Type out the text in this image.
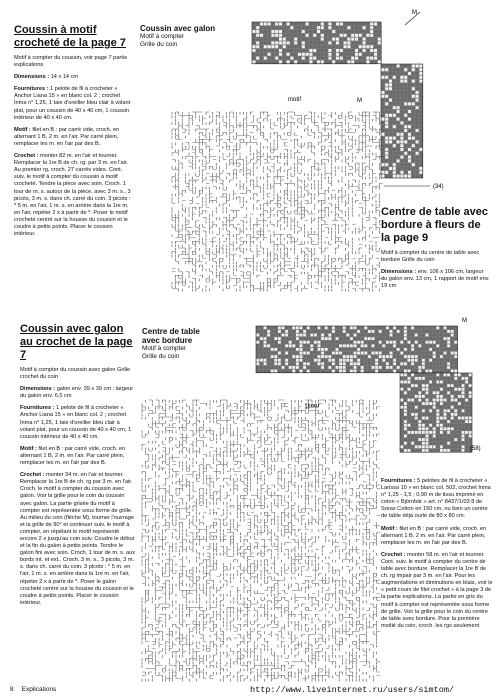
Coussin à motif crocheté de la page 7
Motif à compter du coussin, voir page 7 partie explications
Dimensions : 14 x 14 cm
Fournitures : 1 pelote de fil à crocheter « Anchor Liana 15 » en blanc col. 2 ; crochet Inma n° 1,25, 1 taie d'oreiller bleu clair à volant plat, pour un coussin de 40 x 40 cm, 1 coussin intérieur de 40 x 40 cm.
Motif : filet en B : par carré vide, croch. en alternant 1 B, 2 m. en l'air. Par carré plein, remplacer les m. en l'air par des B.
Crochet : monter 82 m. en l'air et tourner. Remplacer la 1re B de ch. rg. par 3 m. en l'air. Au premier rg, croch. 27 carrés vides. Cont. suiv. le motif à compter du coussin à motif crocheté. Tendre la pièce avec soin. Croch. 1 tour de m. s. autour de la pièce, avec 3 m. s., 3 picots, 3 m. s. dans ch. carré du coin. 3 picots : * 5 m. en l'air, 1 m. s. en arrière dans la 1re m. en l'air, répéter 2 x à partir de *. Poser le motif crocheté centré sur la housse du coussin et le coudre à petits points. Placer le coussin intérieur.
Coussin avec galon au crochet de la page 7
Motif à compter du coussin avec galon Grille crochet du coin
Dimensions : galon env. 39 x 39 cm ; largeur du galon env. 6,5 cm
Fournitures : 1 pelote de fil à crocheter « Anchor Liana 15 » en blanc col. 2 ; crochet Inma n° 1,25, 1 taie d'oreiller bleu clair à volant plat, pour un coussin de 40 x 40 cm, 1 coussin intérieur de 40 x 40 cm.
Motif : filet en B : par carré vide, croch. en alternant 1 B, 2 m. en l'air. Par carré plein, remplacer les m. en l'air par des B.
Crochet : monter 34 m. en l'air et tourner. Remplacer la 1re B de ch. rg par 3 m. en l'air. Croch. le motif à compter du coussin avec galon. Voir la grille pour le coin du coussin avec galon. La partie grisée du motif à compter est représentée sous forme de grille. Au milieu du coin (flèche M), tourner l'ouvrage et la grille de 90° et continuer suiv. le motif à compter, en répétant le motif représenté encore 2 x jusqu'au coin suiv. Coudre le début et la fin du galon à petits points. Tendre le galon fini avec soin. Croch. 1 tour de m. s. aux bords int. et ext.. Croch. 3 m. s., 3 picots, 3 m. s. dans ch. carré du coin. 3 picots : * 5 m. en l'air, 1 m. s. en arrière dans la 1re m. en l'air, répéter 2 x à partir de *. Poser le galon crocheté centré sur la housse du coussin et le coudre à petits points. Placer le coussin intérieur.
Centre de table avec bordure à fleurs de la page 9
Motif à compter du centre de table avec bordure Grille du coin
Dimensions : env. 106 x 106 cm, largeur du galon env. 13 cm, 1 rapport de motif env. 19 cm
Fournitures : 5 pelotes de fil à crocheter « Larissa 10 » en blanc col. 502, crochet Inma n° 1,25 - 1,5 ; 0,90 m de tissu imprimé en coton « Björnbär » art. n° 8437/1/03 8 de Soras Cotton en 150 cm, ou bien un centre de table déjà ourlé de 80 x 80 cm.
Motif : filet en B : par carré vide, croch. en alternant 1 B, 2 m. en l'air. Par carré plein, remplacer les m. en l'air par des B.
Crochet : monter 58 m. en l'air et tourner. Cont. suiv. le motif à compter du centre de table avec bordure. Remplacer la 1re B de ch. rg impair par 3 m. en l'air. Pour les augmentations et diminutions en biais, voir le « petit cours de filet crochet » à la page 3 de la partie explications. La partie en gris du motif à compter est représentée sous forme de grille. Voir la grille pour le coin du centre de table avec bordure. Pour la première moitié du coin, croch. les rgs seulement
Coussin avec galon
Motif à compter
Grille du coin
Centre de table
avec bordure
Motif à compter
Grille du coin
motif
M
(34)
M
motif
M
(58)
8 Explications	http://www.liveinternet.ru/users/simtom/
